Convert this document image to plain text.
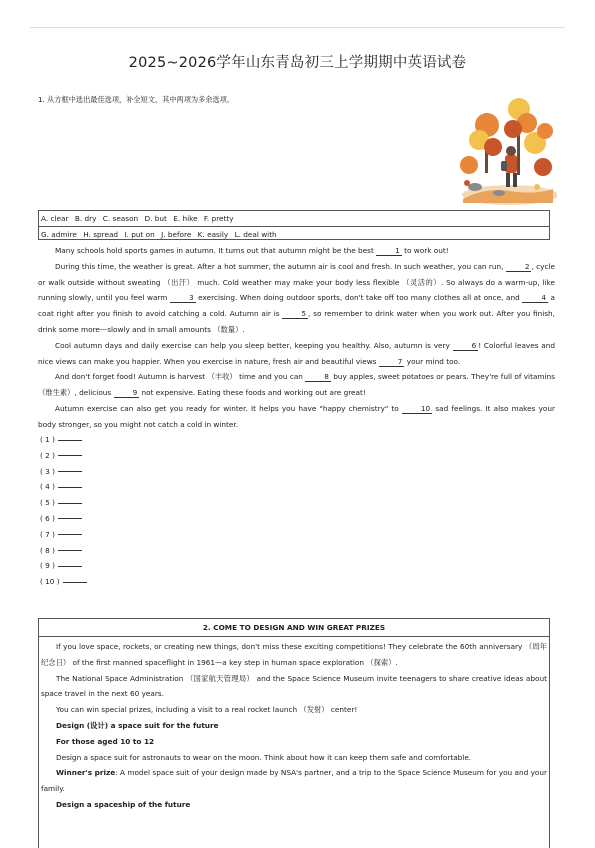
2025~2026学年山东青岛初三上学期期中英语试卷
1. 从方框中选出最佳选项，补全短文，其中两项为多余选项。
A. clear B. dry C. season D. but E. hike F. pretty
G. admire H. spread I. put on J. before K. easily L. deal with

Many schools hold sports games in autumn. It turns out that autumn might be the best	1 to work out!

During this time, the weather is great. After a hot summer, the autumn air is cool and fresh. In such weather, you can run,	2 , cycle or walk outside without sweating （出汗） much. Cold weather may make your body less flexible （灵活的）. So always do a warm-up, like running slowly, until you feel warm	3 exercising. When doing outdoor sports, don't take off too many clothes all at once, and	4 a coat right after you finish to avoid catching a cold. Autumn air is	5 , so remember to drink water when you work out. After you finish, drink some more—slowly and in small amounts （数量）.

Cool autumn days and daily exercise can help you sleep better, keeping you healthy. Also, autumn is very	6 ! Colorful leaves and nice views can make you happier. When you exercise in nature, fresh air and beautiful views	7 your mind too.

And don't forget food! Autumn is harvest （丰收） time and you can	8 buy apples, sweet potatoes or pears. They're full of vitamins （维生素）, delicious	9 not expensive. Eating these foods and working out are great!

Autumn exercise can also get you ready for winter. It helps you have "happy chemistry" to	10 sad feelings. It also makes your body stronger, so you might not catch a cold in winter.

( 1 )
( 2 )
( 3 )
( 4 )
( 5 )
( 6 )
( 7 )
( 8 )
( 9 )
( 10 )
2. COME TO DESIGN AND WIN GREAT PRIZES

If you love space, rockets, or creating new things, don't miss these exciting competitions! They celebrate the 60th anniversary （周年纪念日） of the first manned spaceflight in 1961—a key step in human space exploration （探索）.

The National Space Administration （国家航天管理局） and the Space Science Museum invite teenagers to share creative ideas about space travel in the next 60 years.

You can win special prizes, including a visit to a real rocket launch （发射） center!

Design (设计) a space suit for the future

For those aged 10 to 12

Design a space suit for astronauts to wear on the moon. Think about how it can keep them safe and comfortable.

Winner's prize: A model space suit of your design made by NSA's partner, and a trip to the Space Science Museum for you and your family.

Design a spaceship of the future
